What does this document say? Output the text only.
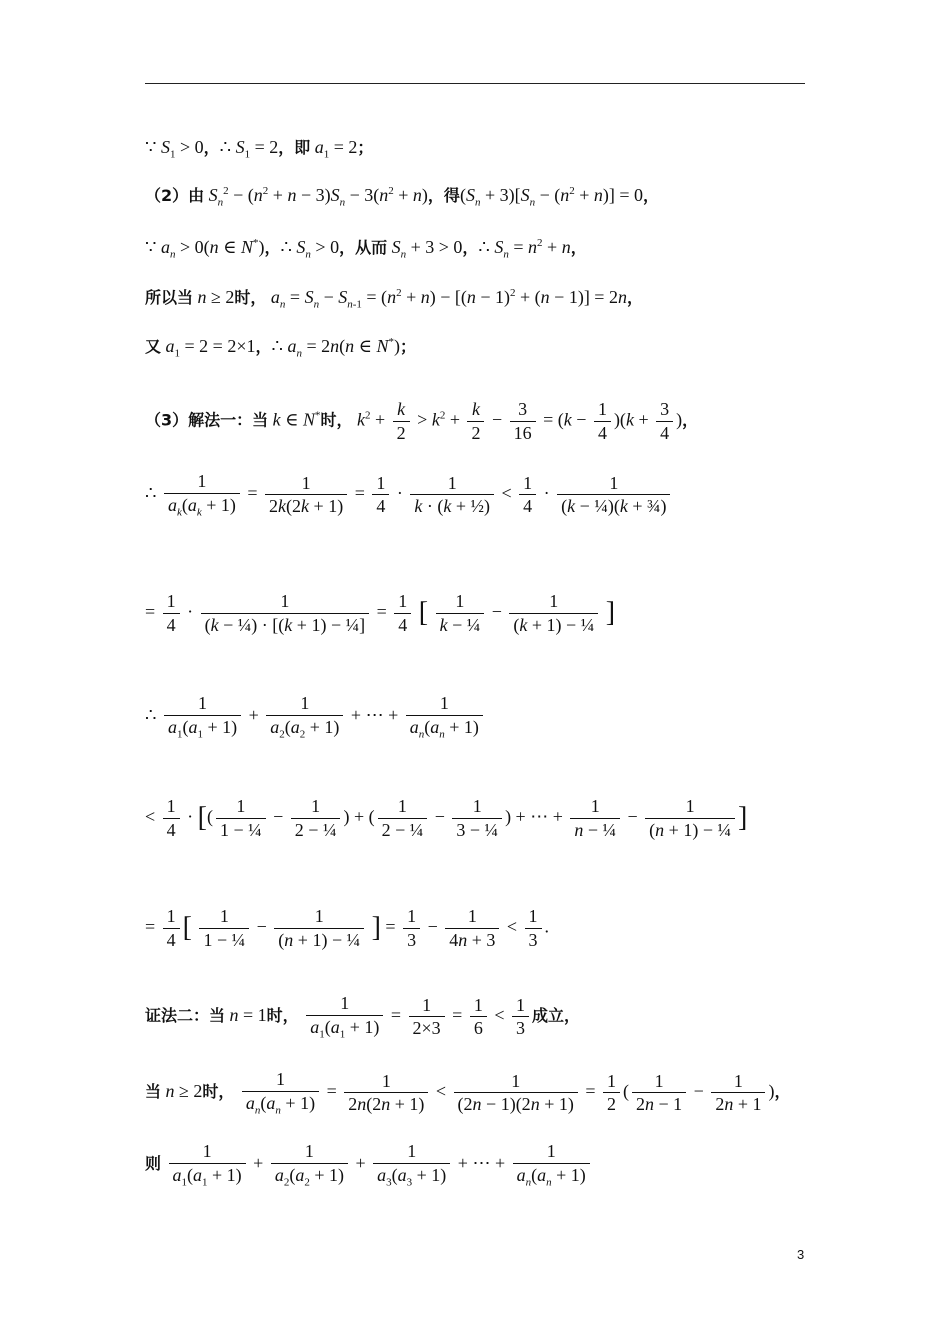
∵ $S_1 > 0$，∴ $S_1 = 2$，即 $a_1 = 2$；
（2）由 $S_n^2 - (n^2 + n - 3)S_n - 3(n^2 + n)$，得$(S_n + 3)[S_n - (n^2 + n)] = 0$，
∵ $a_n > 0(n$ ∈ N*)，∴ $S_n > 0$，从而 $S_n + 3 > 0$，∴ $S_n = n^2 + n$，
所以当 n ≥ 2时， $a_n = S_n - S_{n-1} = (n^2 + n) - [(n - 1)^2 + (n - 1)] = 2n$，
又 $a_1 = 2 = 2\times 1$，∴ $a_n = 2n(n$ ∈ N*)；
（3）解法一：当 k ∈ N*时， $k^2 + \frac{k}{2} > k^2 + \frac{k}{2} - \frac{3}{16} = (k - \frac{1}{4} )(k + \frac{3}{4}$ )，
∴ $\frac{1}{a_k(a_k + 1)} = \frac{1}{2k(2k + 1)} = \frac{1}{4} \cdot \frac{1}{\text{k · (k + ½)}} < \frac{1}{4} \cdot \frac{1}{\text{(k − ¼)(k + ¾)}}$
= $\frac{1}{4} \cdot \frac{1}{\text{(k − ¼) · [(k + 1) − ¼]}} = \frac{1}{4}$ [ $\frac{1}{\text{k − ¼}} - \frac{1}{\text{(k + 1) − ¼}}$ ]
∴ $\frac{1}{a_1(a_1 + 1)} + \frac{1}{a_2(a_2 + 1)}$ + ⋯ + $\frac{1}{a_n(a_n + 1)}$
< $\frac{1}{4}$ · [( $\frac{1}{\text{1 − ¼}} - \frac{1}{\text{2 − ¼}}$ ) + ( $\frac{1}{\text{2 − ¼}} - \frac{1}{\text{3 − ¼}}$ ) + ⋯ + $\frac{1}{\text{n − ¼}} - \frac{1}{\text{(n + 1) − ¼}}$ ]
= $\frac{1}{4}$ [ $\frac{1}{\text{1 − ¼}} - \frac{1}{\text{(n + 1) − ¼}}$ ] = $\frac{1}{3} - \frac{1}{4n + 3} < \frac{1}{3}$ .
证法二：当 n = 1时， $\frac{1}{a_1(a_1 + 1)} = \frac{1}{2\times 3} = \frac{1}{6} < \frac{1}{3}$ 成立，
当 n ≥ 2时， $\frac{1}{a_n(a_n + 1)} = \frac{1}{2n(2n + 1)} < \frac{1}{(2n - 1)(2n + 1)} = \frac{1}{2}$ ( $\frac{1}{2n - 1} - \frac{1}{2n + 1}$ )，
则 $\frac{1}{a_1(a_1 + 1)} + \frac{1}{a_2(a_2 + 1)} + \frac{1}{a_3(a_3 + 1)}$ + ⋯ + $\frac{1}{a_n(a_n + 1)}$
3
